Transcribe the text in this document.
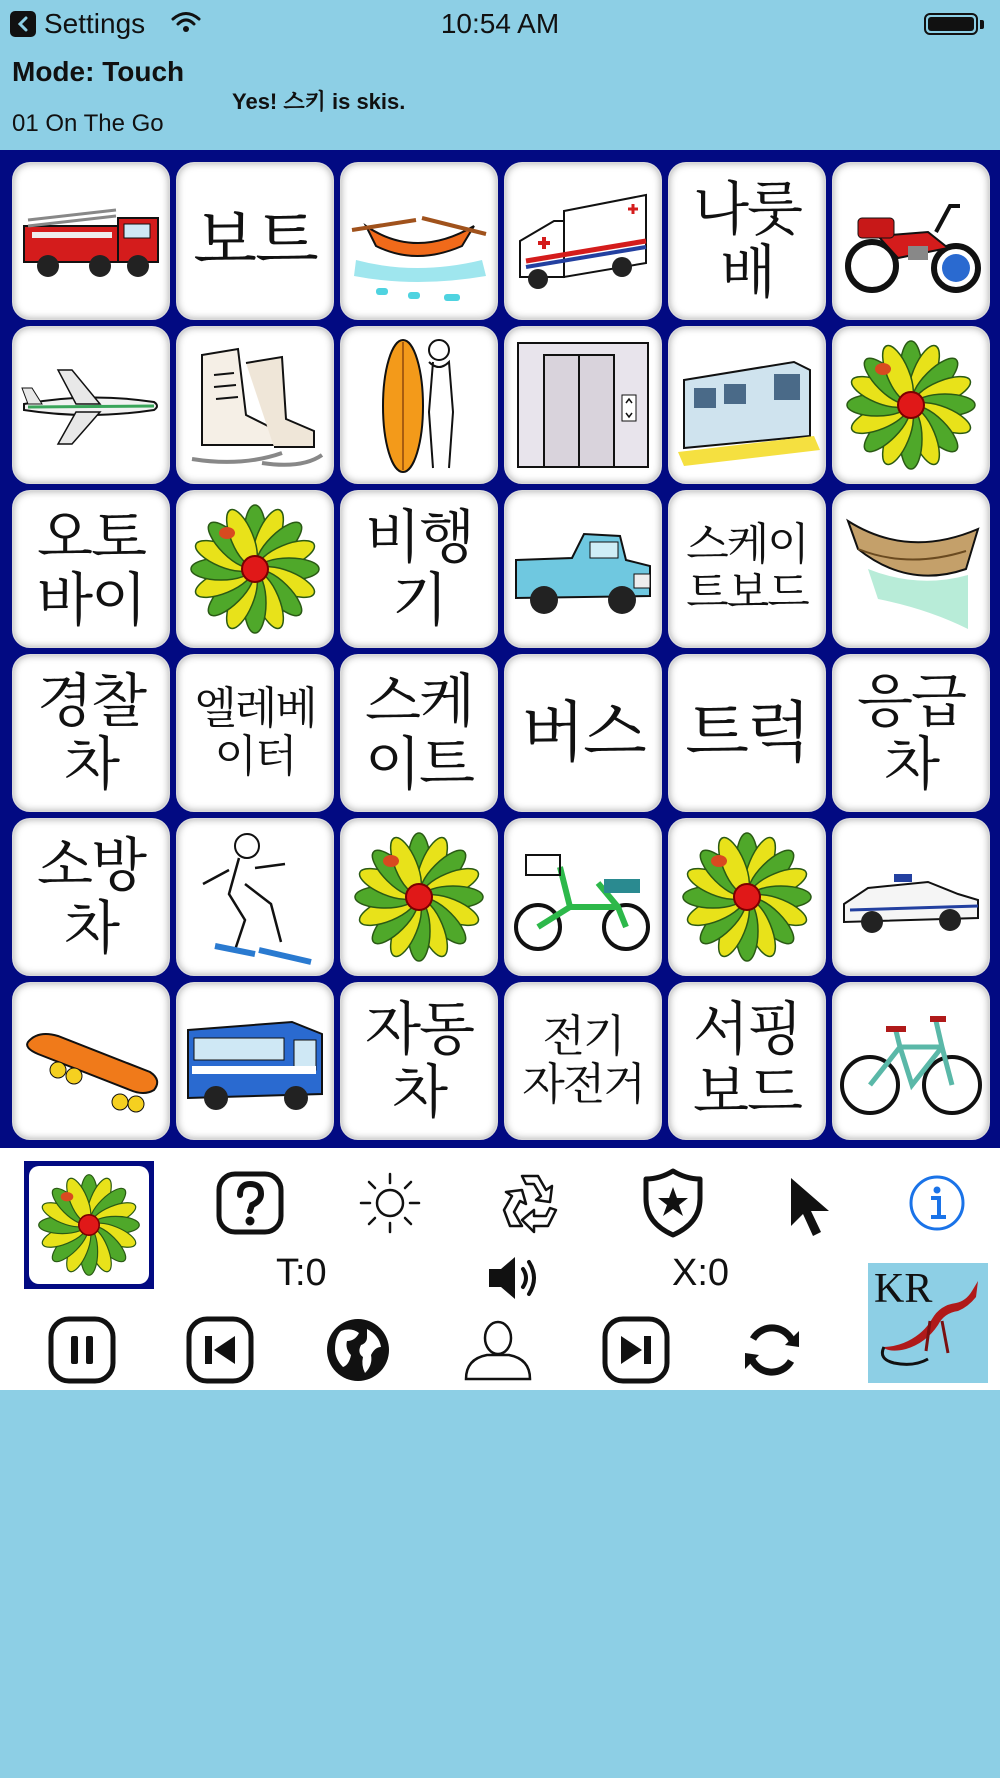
Settings	10:54 AM
Mode: Touch
01 On The Go
Yes! 스키 is skis.
보트	나룻
배
오토
바이
비행
기
스케이
트보드
경찰
차
엘레베
이터
스케
이트 버스 트럭 응급
차
소방
차
자동
차
전기
자전거
서핑
보드
T:0	X:0	KR
